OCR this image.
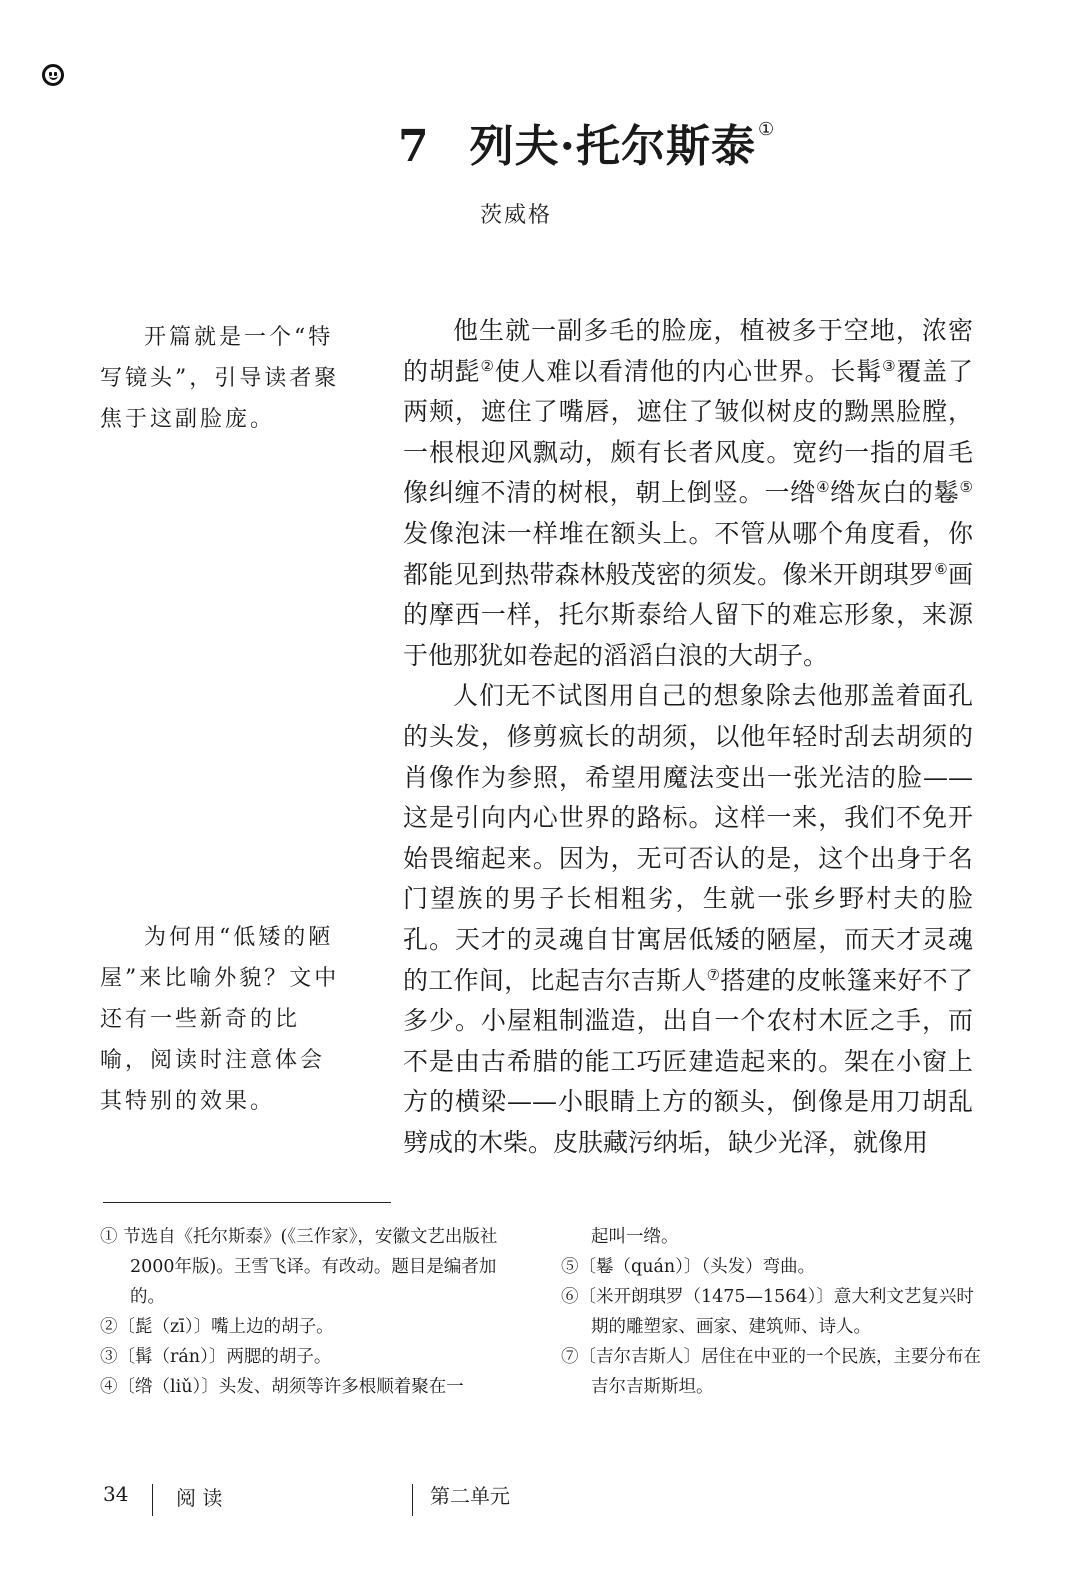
7 列夫·托尔斯泰 ①
茨威格

开篇就是一个“特写镜头”，引导读者聚焦于这副脸庞。

为何用“低矮的陋屋”来比喻外貌？文中还有一些新奇的比喻，阅读时注意体会其特别的效果。

他生就一副多毛的脸庞，植被多于空地，浓密的胡髭②使人难以看清他的内心世界。长髯③覆盖了两颊，遮住了嘴唇，遮住了皱似树皮的黝黑脸膛，一根根迎风飘动，颇有长者风度。宽约一指的眉毛像纠缠不清的树根，朝上倒竖。一绺④绺灰白的鬈⑤发像泡沫一样堆在额头上。不管从哪个角度看，你都能见到热带森林般茂密的须发。像米开朗琪罗⑥画的摩西一样，托尔斯泰给人留下的难忘形象，来源于他那犹如卷起的滔滔白浪的大胡子。

人们无不试图用自己的想象除去他那盖着面孔的头发，修剪疯长的胡须，以他年轻时刮去胡须的肖像作为参照，希望用魔法变出一张光洁的脸——这是引向内心世界的路标。这样一来，我们不免开始畏缩起来。因为，无可否认的是，这个出身于名门望族的男子长相粗劣，生就一张乡野村夫的脸孔。天才的灵魂自甘寓居低矮的陋屋，而天才灵魂的工作间，比起吉尔吉斯人⑦搭建的皮帐篷来好不了多少。小屋粗制滥造，出自一个农村木匠之手，而不是由古希腊的能工巧匠建造起来的。架在小窗上方的横梁——小眼睛上方的额头，倒像是用刀胡乱劈成的木柴。皮肤藏污纳垢，缺少光泽，就像用

① 节选自《托尔斯泰》(《三作家》，安徽文艺出版社2000年版)。王雪飞译。有改动。题目是编者加的。
②〔髭（zī）〕嘴上边的胡子。
③〔髯（rán）〕两腮的胡子。
④〔绺（liǔ）〕头发、胡须等许多根顺着聚在一
起叫一绺。
⑤〔鬈（quán）〕（头发）弯曲。
⑥〔米开朗琪罗（1475—1564）〕意大利文艺复兴时期的雕塑家、画家、建筑师、诗人。
⑦〔吉尔吉斯人〕居住在中亚的一个民族，主要分布在吉尔吉斯斯坦。
34 阅 读	第二单元
